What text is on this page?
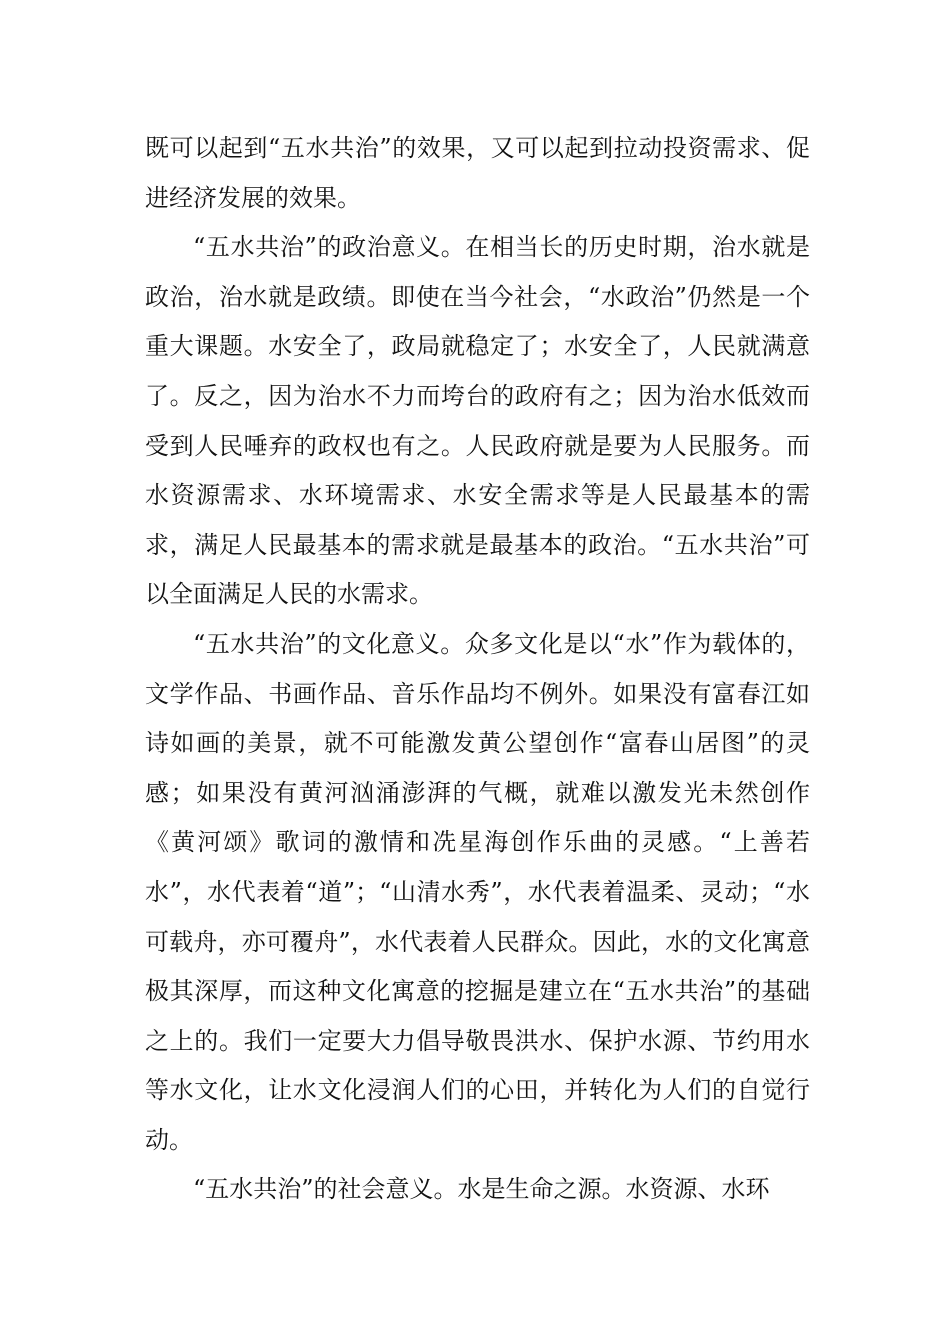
既可以起到“五水共治”的效果，又可以起到拉动投资需求、促进经济发展的效果。

“五水共治”的政治意义。在相当长的历史时期，治水就是政治，治水就是政绩。即使在当今社会，“水政治”仍然是一个重大课题。水安全了，政局就稳定了；水安全了，人民就满意了。反之，因为治水不力而垮台的政府有之；因为治水低效而受到人民唾弃的政权也有之。人民政府就是要为人民服务。而水资源需求、水环境需求、水安全需求等是人民最基本的需求，满足人民最基本的需求就是最基本的政治。“五水共治”可以全面满足人民的水需求。

“五水共治”的文化意义。众多文化是以“水”作为载体的，文学作品、书画作品、音乐作品均不例外。如果没有富春江如诗如画的美景，就不可能激发黄公望创作“富春山居图”的灵感；如果没有黄河汹涌澎湃的气概，就难以激发光未然创作《黄河颂》歌词的激情和冼星海创作乐曲的灵感。“上善若水”，水代表着“道”；“山清水秀”，水代表着温柔、灵动；“水可载舟，亦可覆舟”，水代表着人民群众。因此，水的文化寓意极其深厚，而这种文化寓意的挖掘是建立在“五水共治”的基础之上的。我们一定要大力倡导敬畏洪水、保护水源、节约用水等水文化，让水文化浸润人们的心田，并转化为人们的自觉行动。

“五水共治”的社会意义。水是生命之源。水资源、水环
